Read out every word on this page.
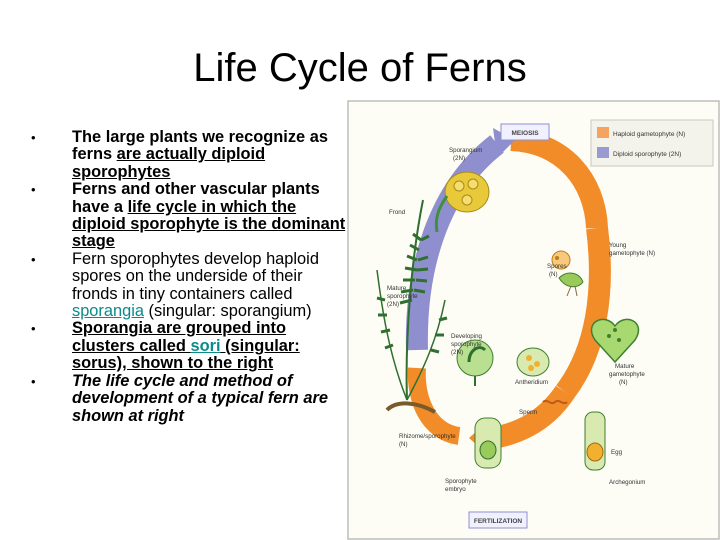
Life Cycle of Ferns
• The large plants we recognize as ferns are actually diploid sporophytes
• Ferns and other vascular plants have a life cycle in which the diploid sporophyte is the dominant stage
• Fern sporophytes develop haploid spores on the underside of their fronds in tiny containers called sporangia (singular: sporangium)
• Sporangia are grouped into clusters called sori (singular: sorus), shown to the right
• The life cycle and method of development of a typical fern are shown at right
Haploid gametophyte (N)
Diploid sporophyte (2N)
MEIOSIS
FERTILIZATION
Sporangium (2N)
Frond
Young gametophyte (N)
Spores (N)
Mature sporophyte (2N)
Developing sporophyte (2N)
Antheridium
Mature gametophyte (N)
Sperm
Rhizome/sporophyte (N)
Egg
Sporophyte embryo
Archegonium
